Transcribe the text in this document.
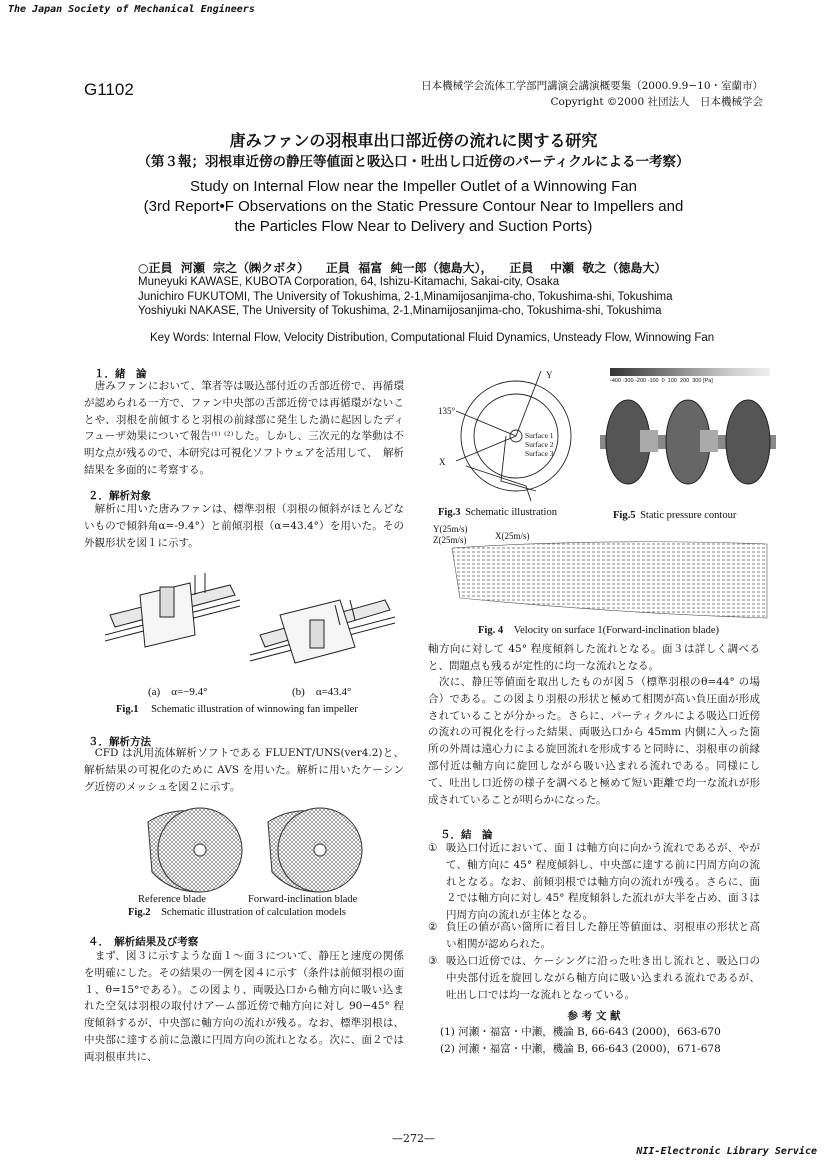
The Japan Society of Mechanical Engineers
G1102	日本機械学会流体工学部門講演会講演概要集（2000.9.9−10・室蘭市）
Copyright ©2000 社団法人　日本機械学会
唐みファンの羽根車出口部近傍の流れに関する研究
（第３報；羽根車近傍の静圧等値面と吸込口・吐出し口近傍のパーティクルによる一考察）
Study on Internal Flow near the Impeller Outlet of a Winnowing Fan
(3rd Report•F Observations on the Static Pressure Contour Near to Impellers and
the Particles Flow Near to Delivery and Suction Ports)
○正員  河瀬  宗之（㈱クボタ）    正員  福富  純一郎（徳島大），    正員    中瀬  敬之（徳島大）
Muneyuki KAWASE, KUBOTA Corporation, 64, Ishizu-Kitamachi, Sakai-city, Osaka
Junichiro FUKUTOMI, The University of Tokushima, 2-1,Minamijosanjima-cho, Tokushima-shi, Tokushima
Yoshiyuki NAKASE, The University of Tokushima, 2-1,Minamijosanjima-cho, Tokushima-shi, Tokushima
Key Words: Internal Flow, Velocity Distribution, Computational Fluid Dynamics, Unsteady Flow, Winnowing Fan
１．緒　論
　唐みファンにおいて、筆者等は吸込部付近の舌部近傍で、再循環が認められる一方で、ファン中央部の舌部近傍では再循環がないことや、羽根を前傾すると羽根の前縁部に発生した渦に起因したディフューザ効果について報告⁽¹⁾ ⁽²⁾した。しかし、三次元的な挙動は不明な点が残るので、本研究は可視化ソフトウェアを活用して、　解析結果を多面的に考察する。
２．解析対象
　解析に用いた唐みファンは、標準羽根（羽根の傾斜がほとんどないもので傾斜角α=-9.4°）と前傾羽根（α=43.4°）を用いた。その外観形状を図１に示す。
(a)　α=−9.4°	(b)　α=43.4°
Fig.1 Schematic illustration of winnowing fan impeller
３．解析方法
　CFD は汎用流体解析ソフトである FLUENT/UNS(ver4.2)と、解析結果の可視化のために AVS を用いた。解析に用いたケーシング近傍のメッシュを図２に示す。
Reference blade	Forward-inclination blade
Fig.2 Schematic illustration of calculation models
４．　解析結果及び考察
　まず、図３に示すような面１〜面３について、静圧と速度の関係を明確にした。その結果の一例を図４に示す（条件は前傾羽根の面１、θ=15°である）。この図より、両吸込口から軸方向に吸い込まれた空気は羽根の取付けアーム部近傍で軸方向に対し 90−45° 程度傾斜するが、中央部に軸方向の流れが残る。なお、標準羽根は、中央部に達する前に急激に円周方向の流れとなる。次に、面２では両羽根車共に、
135°
Y
X
Surface 1
Surface 2
Surface 3
Fig.3 Schematic illustration
-400 -300 -200 -100  0  100  200  300 [Pa]
Fig.5 Static pressure contour
Y(25m/s)
Z(25m/s)	X(25m/s)
Fig. 4 Velocity on surface 1(Forward-inclination blade)
軸方向に対して 45° 程度傾斜した流れとなる。面３は詳しく調べると、問題点も残るが定性的に均一な流れとなる。
　次に、静圧等値面を取出したものが図５（標準羽根のθ=44° の場合）である。この図より羽根の形状と極めて相関が高い負圧面が形成されていることが分かった。さらに、パーティクルによる吸込口近傍の流れの可視化を行った結果、両吸込口から 45mm 内側に入った箇所の外周は遠心力による旋回流れを形成すると同時に、羽根車の前縁部付近は軸方向に旋回しながら吸い込まれる流れである。同様にして、吐出し口近傍の様子を調べると極めて短い距離で均一な流れが形成されていることが明らかになった。
５．結　論
① 吸込口付近において、面１は軸方向に向かう流れであるが、やがて、軸方向に 45° 程度傾斜し、中央部に達する前に円周方向の流れとなる。なお、前傾羽根では軸方向の流れが残る。さらに、面２では軸方向に対し 45° 程度傾斜した流れが大半を占め、面３は円周方向の流れが主体となる。
② 負圧の値が高い箇所に着目した静圧等値面は、羽根車の形状と高い相関が認められた。
③ 吸込口近傍では、ケーシングに沿った吐き出し流れと、吸込口の中央部付近を旋回しながら軸方向に吸い込まれる流れであるが、吐出し口では均一な流れとなっている。
参 考 文 献
(1) 河瀬・福富・中瀬，機論 B, 66-643 (2000)，663-670
(2) 河瀬・福富・中瀬，機論 B, 66-643 (2000)，671-678
—272—
NII-Electronic Library Service
